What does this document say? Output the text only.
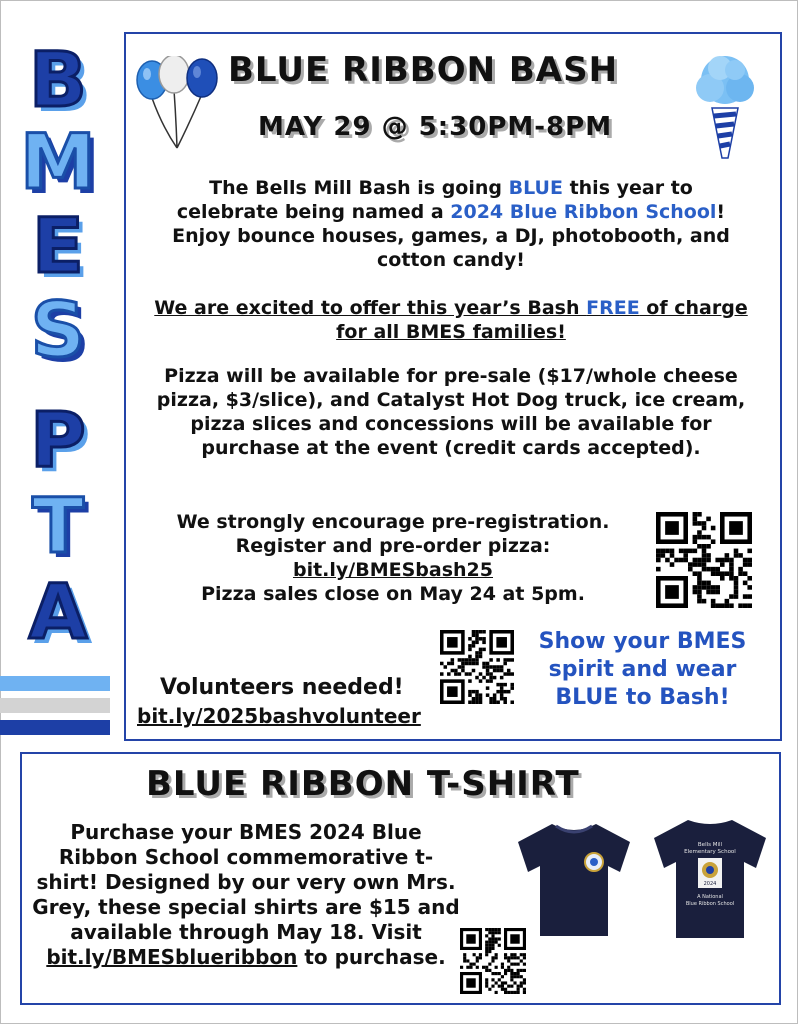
B
M
E
S
P
T
A
BLUE RIBBON BASH
MAY 29 @ 5:30PM-8PM
The Bells Mill Bash is going BLUE this year to celebrate being named a 2024 Blue Ribbon School! Enjoy bounce houses, games, a DJ, photobooth, and cotton candy!
We are excited to offer this year’s Bash FREE of charge for all BMES families!
Pizza will be available for pre-sale ($17/whole cheese pizza, $3/slice), and Catalyst Hot Dog truck, ice cream, pizza slices and concessions will be available for purchase at the event (credit cards accepted).
We strongly encourage pre-registration.
Register and pre-order pizza:
bit.ly/BMESbash25
Pizza sales close on May 24 at 5pm.
Show your BMES spirit and wear BLUE to Bash!
Volunteers needed!
bit.ly/2025bashvolunteer
BLUE RIBBON T-SHIRT
Purchase your BMES 2024 Blue Ribbon School commemorative t-shirt! Designed by our very own Mrs. Grey, these special shirts are $15 and available through May 18. Visit bit.ly/BMESblueribbon to purchase.
Bells Mill
Elementary School
2024
A National
Blue Ribbon School
